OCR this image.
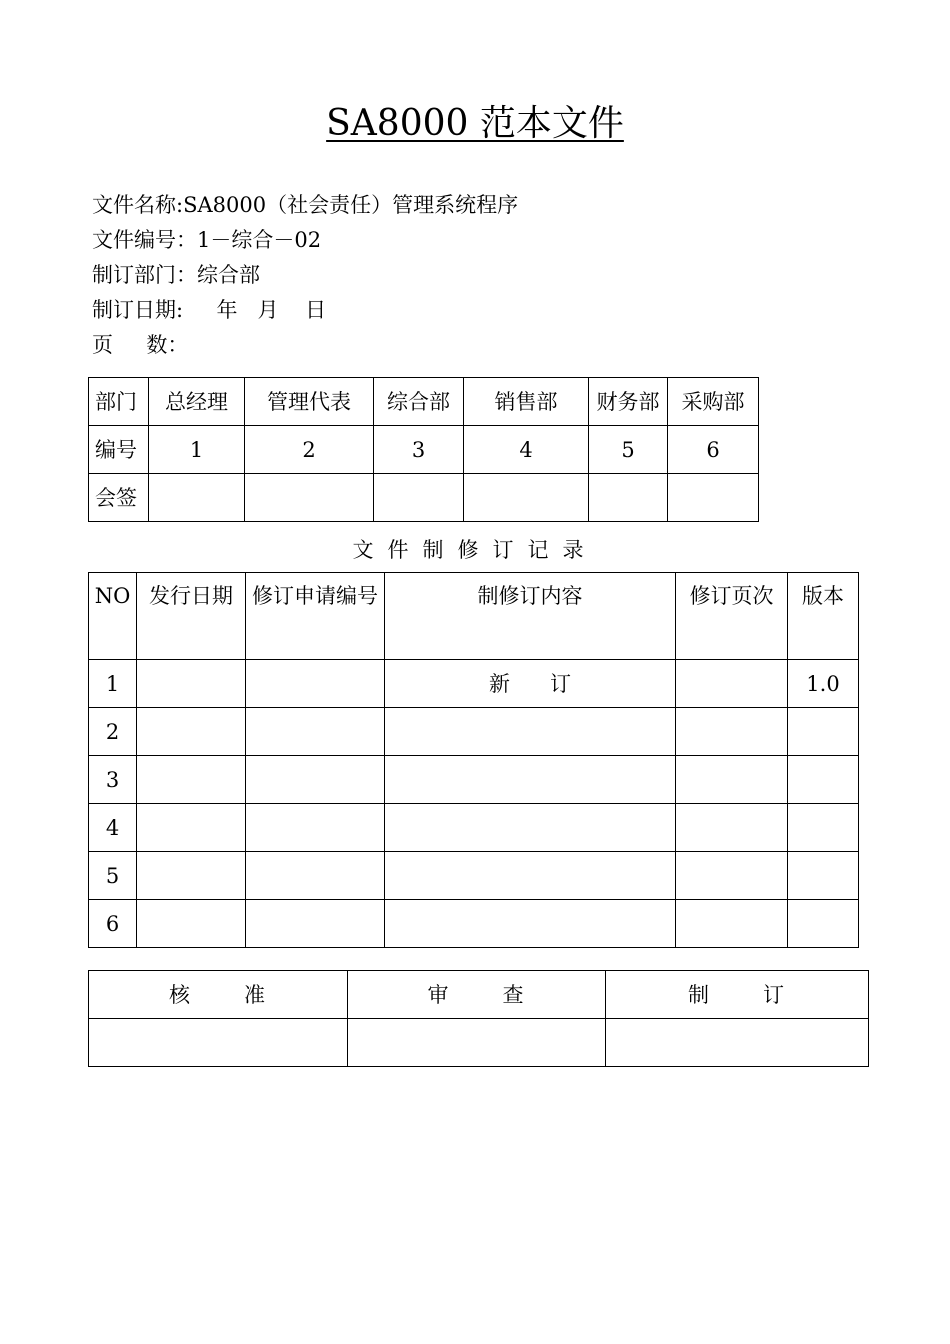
SA8000 范本文件
文件名称:SA8000（社会责任）管理系统程序
文件编号：1－综合－02
制订部门：综合部
制订日期:     年   月    日
页     数：
部门	总经理	管理代表	综合部	销售部	财务部	采购部
编号	1	2	3	4	5	6
会签						
文件制修订记录
NO	发行日期	修订申请编号	制修订内容	修订页次	版本
1			新      订		1.0
2					
3					
4					
5					
6					
核      准	审      查	制      订
